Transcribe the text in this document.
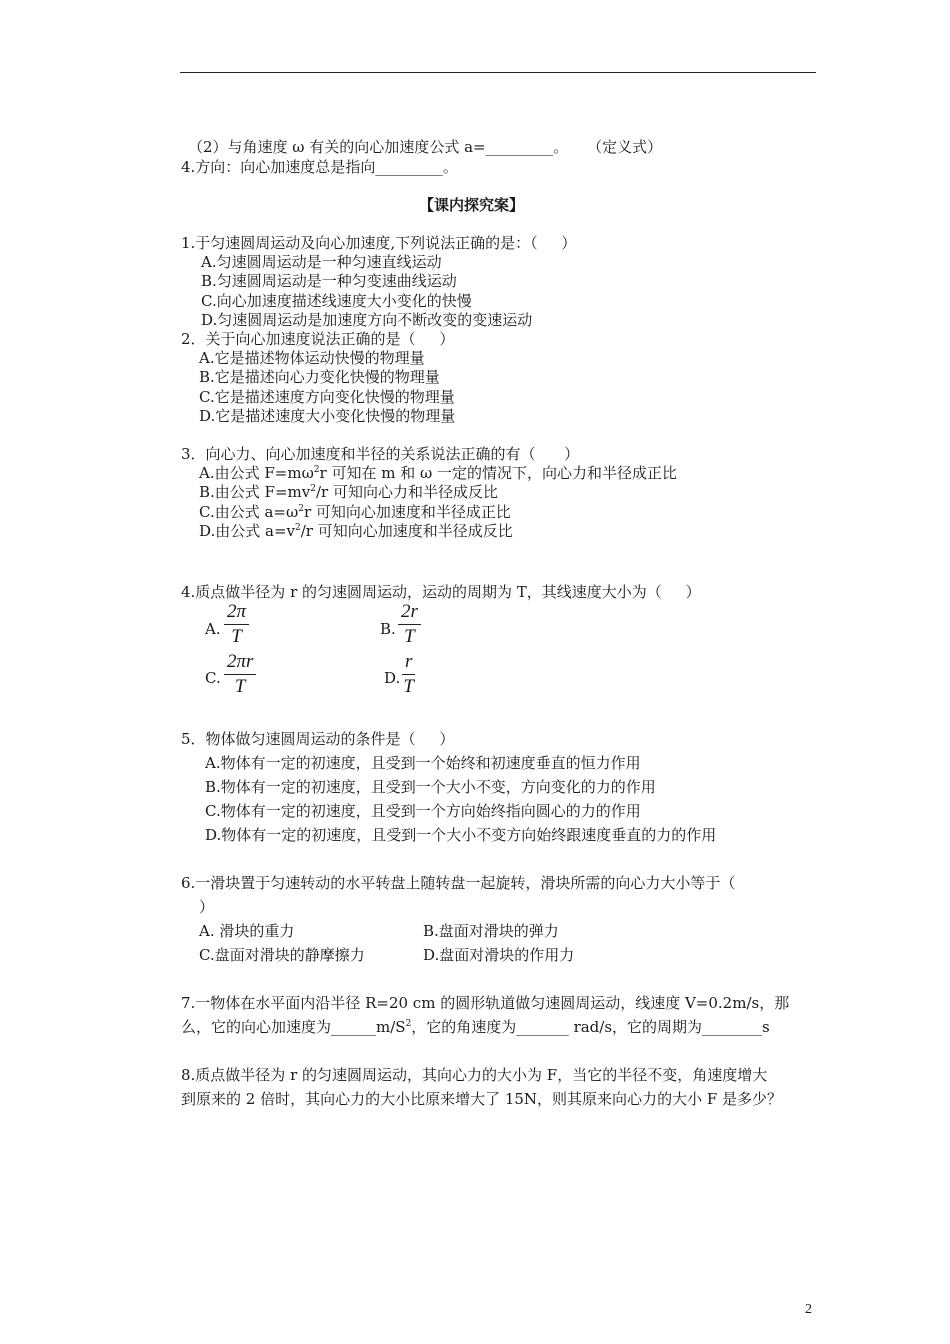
（2）与角速度 ω 有关的向心加速度公式 a=_________。    （定义式）
4.方向：向心加速度总是指向_________。
【课内探究案】
1.于匀速圆周运动及向心加速度,下列说法正确的是：（     ）
A.匀速圆周运动是一种匀速直线运动
B.匀速圆周运动是一种匀变速曲线运动
C.向心加速度描述线速度大小变化的快慢
D.匀速圆周运动是加速度方向不断改变的变速运动
2．关于向心加速度说法正确的是（     ）
A.它是描述物体运动快慢的物理量
B.它是描述向心力变化快慢的物理量
C.它是描述速度方向变化快慢的物理量
D.它是描述速度大小变化快慢的物理量
3．向心力、向心加速度和半径的关系说法正确的有（      ）
A.由公式 $F=m\omega^2r$ 可知在 m 和 ω 一定的情况下，向心力和半径成正比
B.由公式 $F=mv^2/r$ 可知向心力和半径成反比
C.由公式 $a=\omega^2r$ 可知向心加速度和半径成正比
D.由公式 $a=v^2/r$ 可知向心加速度和半径成反比
4.质点做半径为 r 的匀速圆周运动，运动的周期为 T，其线速度大小为（     ）
A.
2π
T	B.
2r
T
C.
2πr
T	D.
r
T
5．物体做匀速圆周运动的条件是（     ）
A.物体有一定的初速度，且受到一个始终和初速度垂直的恒力作用
B.物体有一定的初速度，且受到一个大小不变，方向变化的力的作用
C.物体有一定的初速度，且受到一个方向始终指向圆心的力的作用
D.物体有一定的初速度，且受到一个大小不变方向始终跟速度垂直的力的作用
6.一滑块置于匀速转动的水平转盘上随转盘一起旋转，滑块所需的向心力大小等于（
）
A. 滑块的重力	B.盘面对滑块的弹力
C.盘面对滑块的静摩擦力	D.盘面对滑块的作用力
7.一物体在水平面内沿半径 R=20 cm 的圆形轨道做匀速圆周运动，线速度 V=0.2m/s，那
么，它的向心加速度为$\_\_\_\_\_\_m/S^2$，它的角速度为_______ rad/s，它的周期为________s
8.质点做半径为 r 的匀速圆周运动，其向心力的大小为 F，当它的半径不变，角速度增大
到原来的 2 倍时，其向心力的大小比原来增大了 15N，则其原来向心力的大小 F 是多少？
2
